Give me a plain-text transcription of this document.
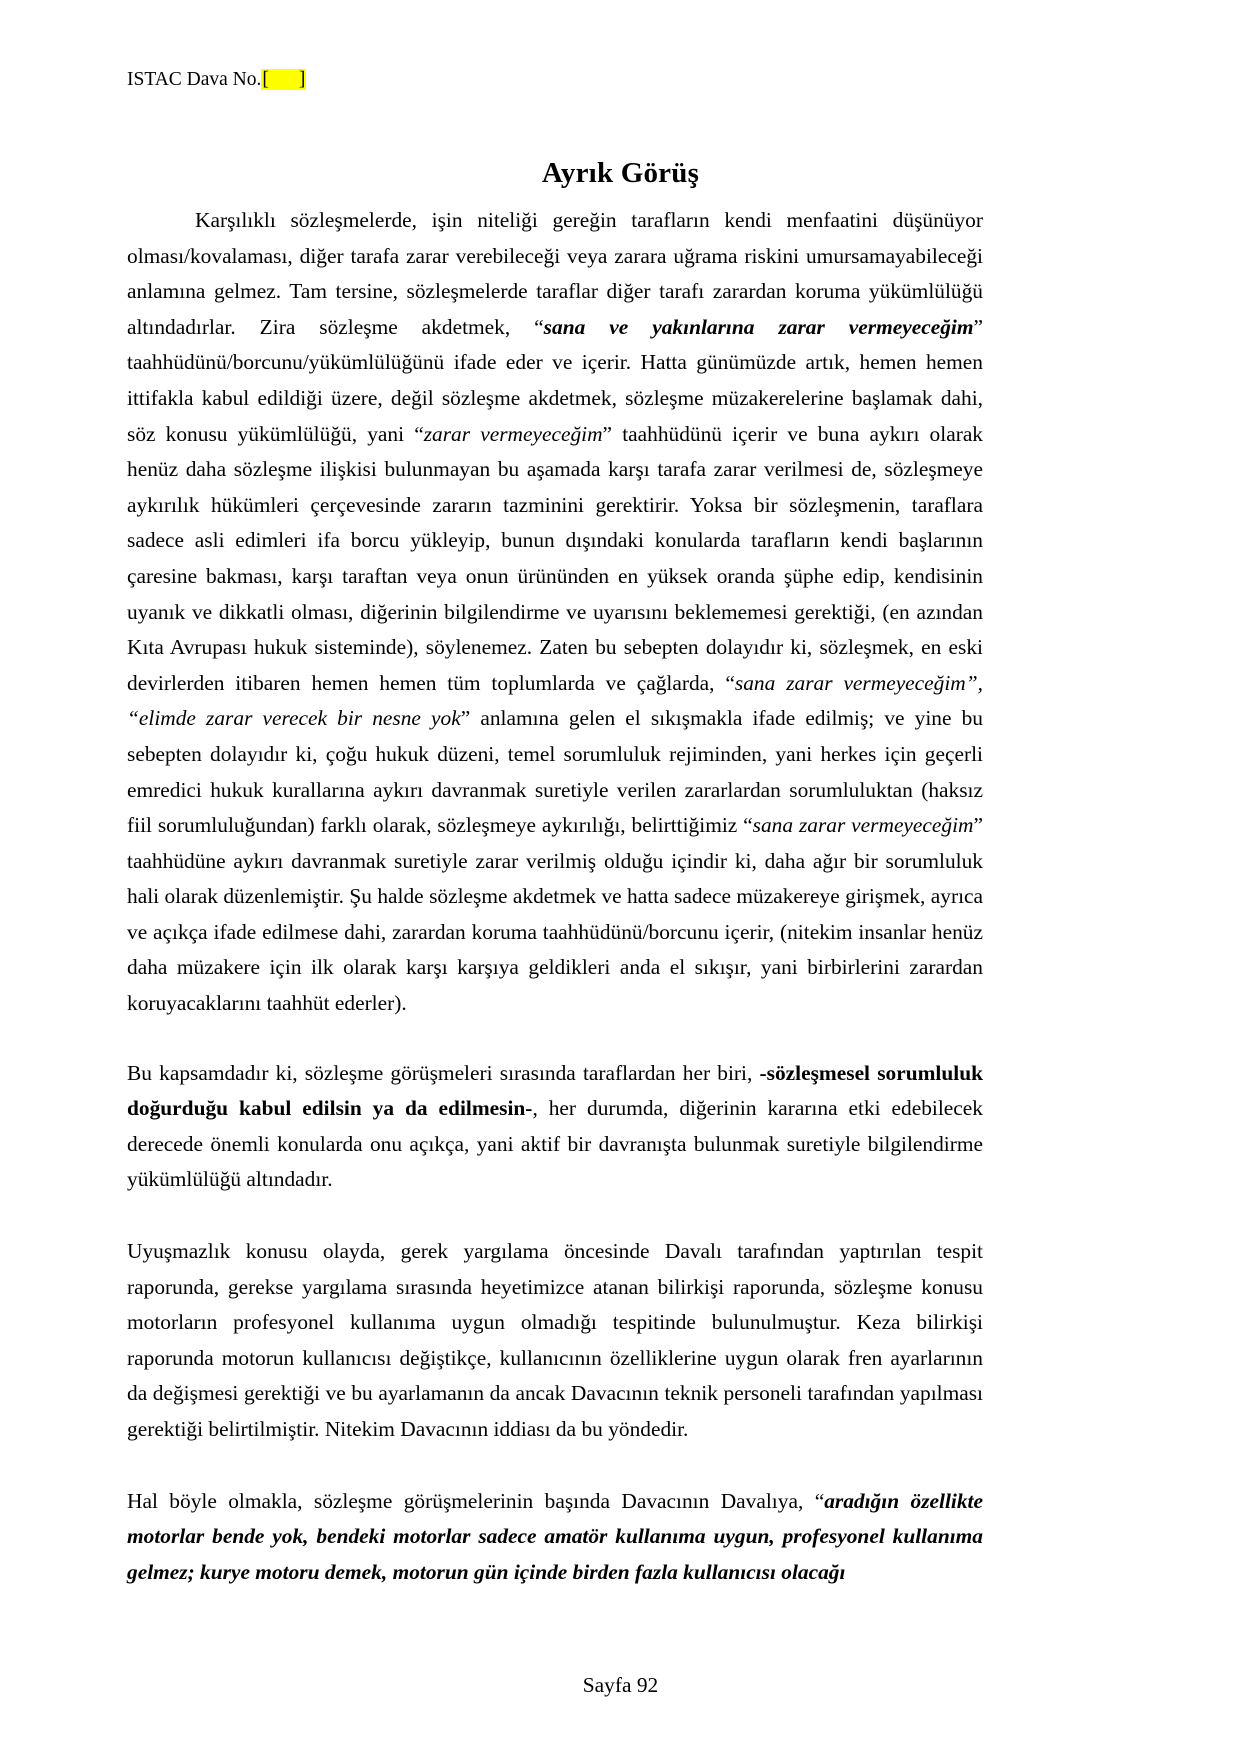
ISTAC Dava No.[ ]
Ayrık Görüş

Karşılıklı sözleşmelerde, işin niteliği gereğin tarafların kendi menfaatini düşünüyor olması/kovalaması, diğer tarafa zarar verebileceği veya zarara uğrama riskini umursamayabileceği anlamına gelmez. Tam tersine, sözleşmelerde taraflar diğer tarafı zarardan koruma yükümlülüğü altındadırlar. Zira sözleşme akdetmek, “sana ve yakınlarına zarar vermeyeceğim” taahhüdünü/borcunu/yükümlülüğünü ifade eder ve içerir. Hatta günümüzde artık, hemen hemen ittifakla kabul edildiği üzere, değil sözleşme akdetmek, sözleşme müzakerelerine başlamak dahi, söz konusu yükümlülüğü, yani “zarar vermeyeceğim” taahhüdünü içerir ve buna aykırı olarak henüz daha sözleşme ilişkisi bulunmayan bu aşamada karşı tarafa zarar verilmesi de, sözleşmeye aykırılık hükümleri çerçevesinde zararın tazminini gerektirir. Yoksa bir sözleşmenin, taraflara sadece asli edimleri ifa borcu yükleyip, bunun dışındaki konularda tarafların kendi başlarının çaresine bakması, karşı taraftan veya onun ürününden en yüksek oranda şüphe edip, kendisinin uyanık ve dikkatli olması, diğerinin bilgilendirme ve uyarısını beklememesi gerektiği, (en azından Kıta Avrupası hukuk sisteminde), söylenemez. Zaten bu sebepten dolayıdır ki, sözleşmek, en eski devirlerden itibaren hemen hemen tüm toplumlarda ve çağlarda, “sana zarar vermeyeceğim”, “elimde zarar verecek bir nesne yok” anlamına gelen el sıkışmakla ifade edilmiş; ve yine bu sebepten dolayıdır ki, çoğu hukuk düzeni, temel sorumluluk rejiminden, yani herkes için geçerli emredici hukuk kurallarına aykırı davranmak suretiyle verilen zararlardan sorumluluktan (haksız fiil sorumluluğundan) farklı olarak, sözleşmeye aykırılığı, belirttiğimiz “sana zarar vermeyeceğim” taahhüdüne aykırı davranmak suretiyle zarar verilmiş olduğu içindir ki, daha ağır bir sorumluluk hali olarak düzenlemiştir. Şu halde sözleşme akdetmek ve hatta sadece müzakereye girişmek, ayrıca ve açıkça ifade edilmese dahi, zarardan koruma taahhüdünü/borcunu içerir, (nitekim insanlar henüz daha müzakere için ilk olarak karşı karşıya geldikleri anda el sıkışır, yani birbirlerini zarardan koruyacaklarını taahhüt ederler).

Bu kapsamdadır ki, sözleşme görüşmeleri sırasında taraflardan her biri, -sözleşmesel sorumluluk doğurduğu kabul edilsin ya da edilmesin-, her durumda, diğerinin kararına etki edebilecek derecede önemli konularda onu açıkça, yani aktif bir davranışta bulunmak suretiyle bilgilendirme yükümlülüğü altındadır.

Uyuşmazlık konusu olayda, gerek yargılama öncesinde Davalı tarafından yaptırılan tespit raporunda, gerekse yargılama sırasında heyetimizce atanan bilirkişi raporunda, sözleşme konusu motorların profesyonel kullanıma uygun olmadığı tespitinde bulunulmuştur. Keza bilirkişi raporunda motorun kullanıcısı değiştikçe, kullanıcının özelliklerine uygun olarak fren ayarlarının da değişmesi gerektiği ve bu ayarlamanın da ancak Davacının teknik personeli tarafından yapılması gerektiği belirtilmiştir. Nitekim Davacının iddiası da bu yöndedir.

Hal böyle olmakla, sözleşme görüşmelerinin başında Davacının Davalıya, “aradığın özellikte motorlar bende yok, bendeki motorlar sadece amatör kullanıma uygun, profesyonel kullanıma gelmez; kurye motoru demek, motorun gün içinde birden fazla kullanıcısı olacağı

Sayfa 92
